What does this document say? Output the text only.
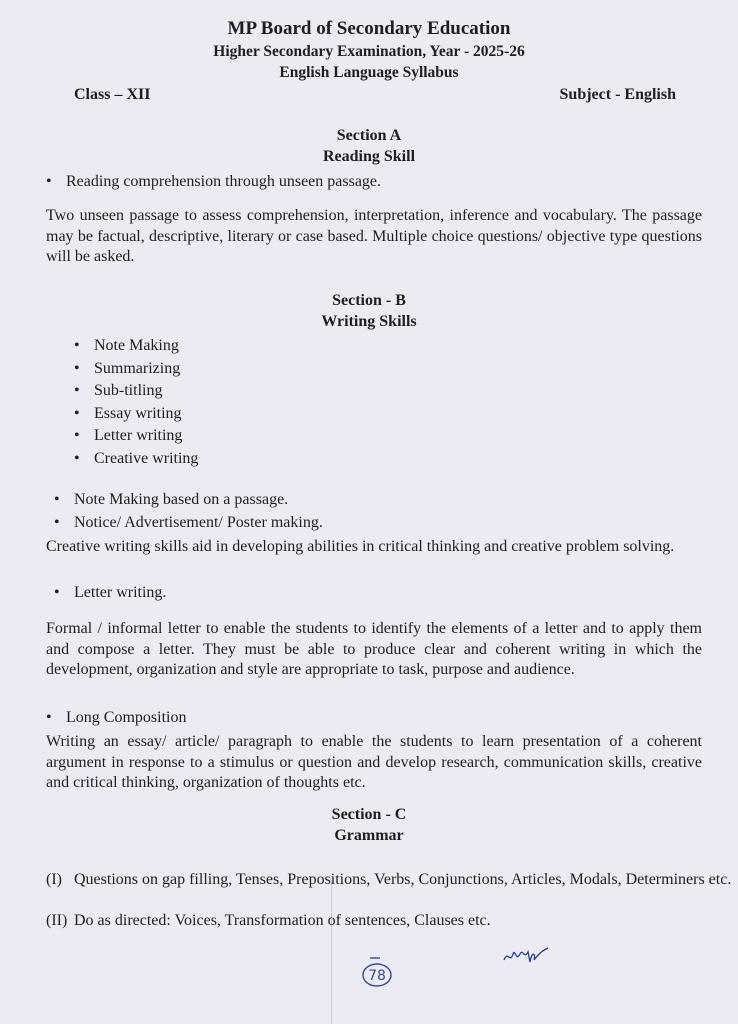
MP Board of Secondary Education
Higher Secondary Examination, Year - 2025-26
English Language Syllabus
Class – XII	Subject - English
Section A
Reading Skill
• Reading comprehension through unseen passage.
Two unseen passage to assess comprehension, interpretation, inference and vocabulary. The passage may be factual, descriptive, literary or case based. Multiple choice questions/ objective type questions will be asked.
Section - B
Writing Skills
• Note Making
• Summarizing
• Sub-titling
• Essay writing
• Letter writing
• Creative writing
• Note Making based on a passage.
• Notice/ Advertisement/ Poster making.
Creative writing skills aid in developing abilities in critical thinking and creative problem solving.
• Letter writing.
Formal / informal letter to enable the students to identify the elements of a letter and to apply them and compose a letter. They must be able to produce clear and coherent writing in which the development, organization and style are appropriate to task, purpose and audience.
• Long Composition
Writing an essay/ article/ paragraph to enable the students to learn presentation of a coherent argument in response to a stimulus or question and develop research, communication skills, creative and critical thinking, organization of thoughts etc.
Section - C
Grammar
(I) Questions on gap filling, Tenses, Prepositions, Verbs, Conjunctions, Articles, Modals, Determiners etc.
(II) Do as directed: Voices, Transformation of sentences, Clauses etc.
78
